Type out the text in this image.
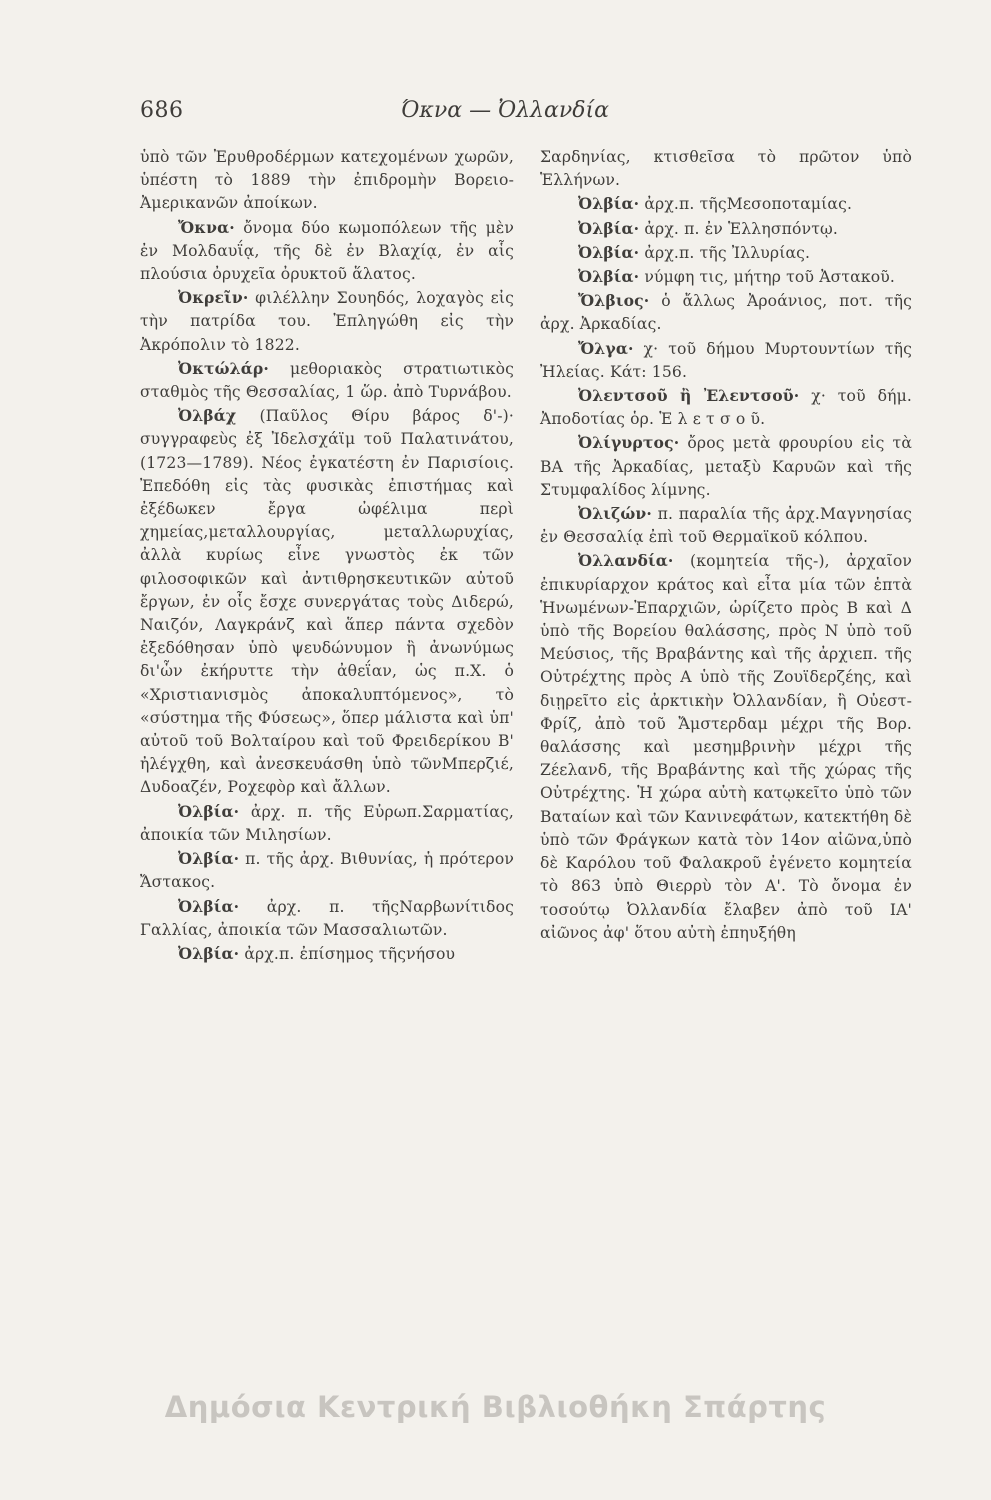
686	Όκνα — Ὀλλανδία

ὑπὸ τῶν Ἐρυθροδέρμων κατεχομένων χωρῶν, ὑπέστη τὸ 1889 τὴν ἐπιδρομὴν Βορειο-Ἀμερικανῶν ἀποίκων.

Ὄκνα· ὄνομα δύο κωμοπόλεων τῆς μὲν ἐν Μολδαυΐᾳ, τῆς δὲ ἐν Βλαχίᾳ, ἐν αἷς πλούσια ὀρυχεῖα ὀρυκτοῦ ἅλατος.

Ὀκρεῖν· φιλέλλην Σουηδός, λοχαγὸς εἰς τὴν πατρίδα του. Ἐπληγώθη εἰς τὴν Ἀκρόπολιν τὸ 1822.

Ὀκτώλάρ· μεθοριακὸς στρατιωτικὸς σταθμὸς τῆς Θεσσαλίας, 1 ὥρ. ἀπὸ Τυρνάβου.

Ὀλβάχ (Παῦλος Θίρυ βάρος δ'-)· συγγραφεὺς ἐξ Ἰδελσχάϊμ τοῦ Παλατινάτου, (1723—1789). Νέος ἐγκατέστη ἐν Παρισίοις. Ἐπεδόθη εἰς τὰς φυσικὰς ἐπιστήμας καὶ ἐξέδωκεν ἔργα ὠφέλιμα περὶ χημείας,μεταλλουργίας, μεταλλωρυχίας, ἀλλὰ κυρίως εἶνε γνωστὸς ἐκ τῶν φιλοσοφικῶν καὶ ἀντιθρησκευτικῶν αὐτοῦ ἔργων, ἐν οἷς ἔσχε συνεργάτας τοὺς Διδερώ, Ναιζόν, Λαγκράνζ καὶ ἅπερ πάντα σχεδὸν ἐξεδόθησαν ὑπὸ ψευδώνυμον ἢ ἀνωνύμως δι'ὧν ἐκήρυττε τὴν ἀθεΐαν, ὡς π.Χ. ὁ «Χριστιανισμὸς ἀποκαλυπτόμενος», τὸ «σύστημα τῆς Φύσεως», ὅπερ μάλιστα καὶ ὑπ' αὐτοῦ τοῦ Βολταίρου καὶ τοῦ Φρειδερίκου Β' ἠλέγχθη, καὶ ἀνεσκευάσθη ὑπὸ τῶνΜπερζιέ, Δυδοαζέν, Ροχεφὸρ καὶ ἄλλων.

Ὀλβία· ἀρχ. π. τῆς Εὐρωπ.Σαρματίας, ἀποικία τῶν Μιλησίων.

Ὀλβία· π. τῆς ἀρχ. Βιθυνίας, ἡ πρότερον Ἄστακος.

Ὀλβία· ἀρχ. π. τῆςΝαρβωνίτιδος Γαλλίας, ἀποικία τῶν Μασσαλιωτῶν.

Ὀλβία· ἀρχ.π. ἐπίσημος τῆςνήσου

Σαρδηνίας, κτισθεῖσα τὸ πρῶτον ὑπὸ Ἑλλήνων.

Ὀλβία· ἀρχ.π. τῆςΜεσοποταμίας.

Ὀλβία· ἀρχ. π. ἐν Ἑλλησπόντῳ.

Ὀλβία· ἀρχ.π. τῆς Ἰλλυρίας.

Ὀλβία· νύμφη τις, μήτηρ τοῦ Ἀστακοῦ.

Ὄλβιος· ὁ ἄλλως Ἀροάνιος, ποτ. τῆς ἀρχ. Ἀρκαδίας.

Ὄλγα· χ· τοῦ δήμου Μυρτουντίων τῆς Ἠλείας. Κάτ: 156.

Ὀλεντσοῦ ἢ Ἐλεντσοῦ· χ· τοῦ δήμ. Ἀποδοτίας ὁρ. Ἑ λ ε τ σ ο ῦ.

Ὀλίγυρτος· ὄρος μετὰ φρουρίου εἰς τὰ ΒΑ τῆς Ἀρκαδίας, μεταξὺ Καρυῶν καὶ τῆς Στυμφαλίδος λίμνης.

Ὀλιζών· π. παραλία τῆς ἀρχ.Μαγνησίας ἐν Θεσσαλίᾳ ἐπὶ τοῦ Θερμαϊκοῦ κόλπου.

Ὀλλανδία· (κομητεία τῆς-), ἀρχαῖον ἐπικυρίαρχον κράτος καὶ εἶτα μία τῶν ἑπτὰ Ἡνωμένων-Ἐπαρχιῶν, ὡρίζετο πρὸς Β καὶ Δ ὑπὸ τῆς Βορείου θαλάσσης, πρὸς Ν ὑπὸ τοῦ Μεύσιος, τῆς Βραβάντης καὶ τῆς ἀρχιεπ. τῆς Οὐτρέχτης πρὸς Α ὑπὸ τῆς Ζουϊδερζέης, καὶ διῃρεῖτο εἰς ἀρκτικὴν Ὀλλανδίαν, ἢ Οὐεστ-Φρίζ, ἀπὸ τοῦ Ἄμστερδαμ μέχρι τῆς Βορ. θαλάσσης καὶ μεσημβρινὴν μέχρι τῆς Ζέελανδ, τῆς Βραβάντης καὶ τῆς χώρας τῆς Οὐτρέχτης. Ἡ χώρα αὐτὴ κατῳκεῖτο ὑπὸ τῶν Βαταίων καὶ τῶν Κανινεφάτων, κατεκτήθη δὲ ὑπὸ τῶν Φράγκων κατὰ τὸν 14ον αἰῶνα,ὑπὸ δὲ Καρόλου τοῦ Φαλακροῦ ἐγένετο κομητεία τὸ 863 ὑπὸ Θιερρὺ τὸν Α'. Τὸ ὄνομα ἐν τοσούτῳ Ὀλλανδία ἔλαβεν ἀπὸ τοῦ ΙΑ' αἰῶνος ἀφ' ὅτου αὐτὴ ἐπηυξήθη

Δημόσια Κεντρική Βιβλιοθήκη Σπάρτης
